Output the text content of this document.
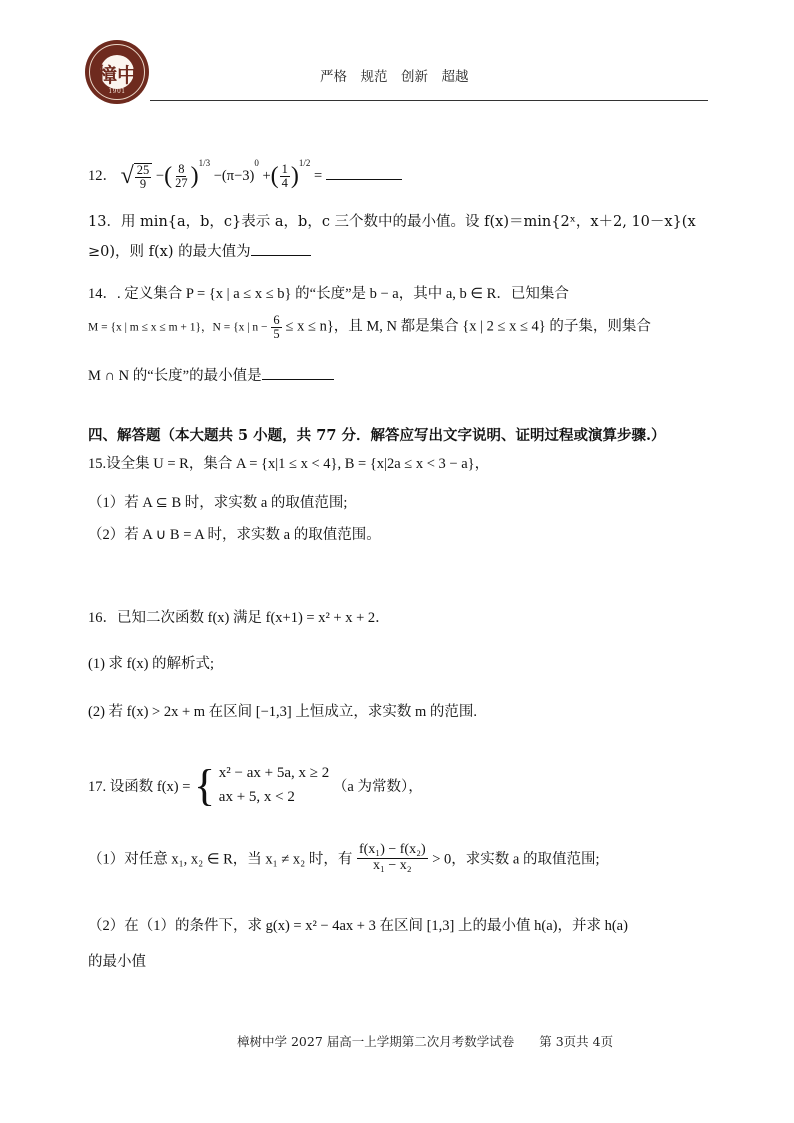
樟中
1901
严格　规范　创新　超越
12． √ $\frac{25}{9}$ −( $\frac{8}{27} )^{1/3} -(\pi-3)^0$ +( $\frac{1}{4} )^{1/2}$ =
13．用 min{a，b，c}表示 a，b，c 三个数中的最小值。设 f(x)＝min{2ˣ，x＋2, 10－x}(x
≥0)，则 f(x) 的最大值为
14．. 定义集合 P = {x | a ≤ x ≤ b} 的“长度”是 b − a，其中 a, b ∈ R．已知集合
M = {x | m ≤ x ≤ m + 1}，N = {x | $n - \frac{6}{5} \le x \le n$}，且 M, N 都是集合 {x | 2 ≤ x ≤ 4} 的子集，则集合
M ∩ N 的“长度”的最小值是
四、解答题（本大题共 5 小题，共 77 分．解答应写出文字说明、证明过程或演算步骤.）
15.设全集 U = R，集合 A = {x|1 ≤ x < 4}, B = {x|2a ≤ x < 3 − a}，
（1）若 A ⊆ B 时，求实数 a 的取值范围;
（2）若 A ∪ B = A 时，求实数 a 的取值范围。
16．已知二次函数 f(x) 满足 f(x+1) = x² + x + 2．
(1) 求 f(x) 的解析式;
(2) 若 f(x) > 2x + m 在区间 [−1,3] 上恒成立，求实数 m 的范围.
17. 设函数 f(x) = { x² − ax + 5a, x ≥ 2
ax + 5, x < 2
（a 为常数），
（1）对任意 x₁, x₂ ∈ R，当 x₁ ≠ x₂ 时，有 $\frac{\text{f(x₁) − f(x₂)}}{\text{x₁ − x₂}} > 0$，求实数 a 的取值范围;
（2）在（1）的条件下，求 g(x) = x² − 4ax + 3 在区间 [1,3] 上的最小值 h(a)，并求 h(a)
的最小值
樟树中学 2027 届高一上学期第二次月考数学试卷　　第 3页共 4页
